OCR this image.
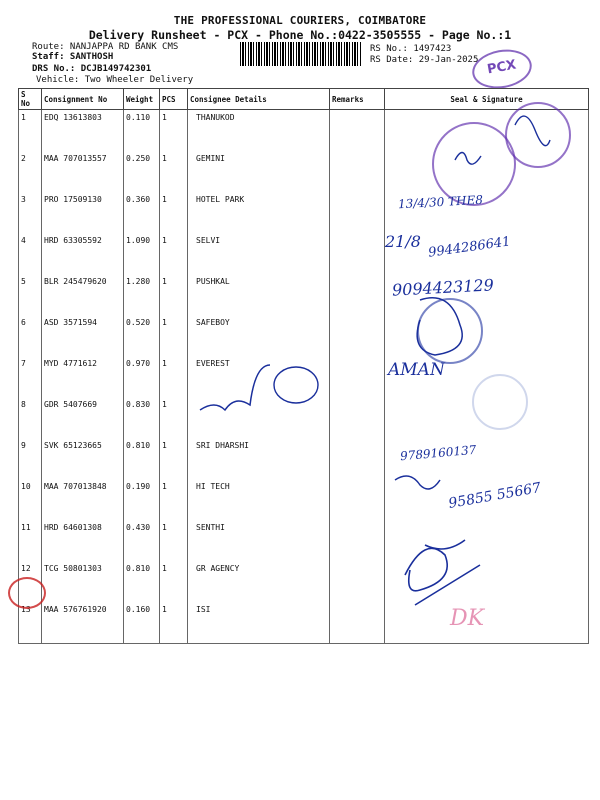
THE PROFESSIONAL COURIERS, COIMBATORE
Delivery Runsheet - PCX - Phone No.:0422-3505555 - Page No.:1
Route: NANJAPPA RD BANK CMS
Staff: SANTHOSH
DRS No.: DCJB149742301
Vehicle: Two Wheeler Delivery
RS No.: 1497423
RS Date: 29-Jan-2025 PCX
S No	Consignment No	Weight	PCS	Consignee Details	Remarks	Seal & Signature
1	EDQ 13613803	0.110	1	THANUKOD		
2	MAA 707013557	0.250	1	GEMINI		
3	PRO 17509130	0.360	1	HOTEL PARK		
4	HRD 63305592	1.090	1	SELVI		
5	BLR 245479620	1.280	1	PUSHKAL		
6	ASD 3571594	0.520	1	SAFEBOY		
7	MYD 4771612	0.970	1	EVEREST		
8	GDR 5407669	0.830	1			
9	SVK 65123665	0.810	1	SRI DHARSHI		
10	MAA 707013848	0.190	1	HI TECH		
11	HRD 64601308	0.430	1	SENTHI		
12	TCG 50801303	0.810	1	GR AGENCY		
13	MAA 576761920	0.160	1	ISI		
13/4/30 THE8
21/8 9944286641
9094423129
AMAN
9789160137
95855 55667
DK
